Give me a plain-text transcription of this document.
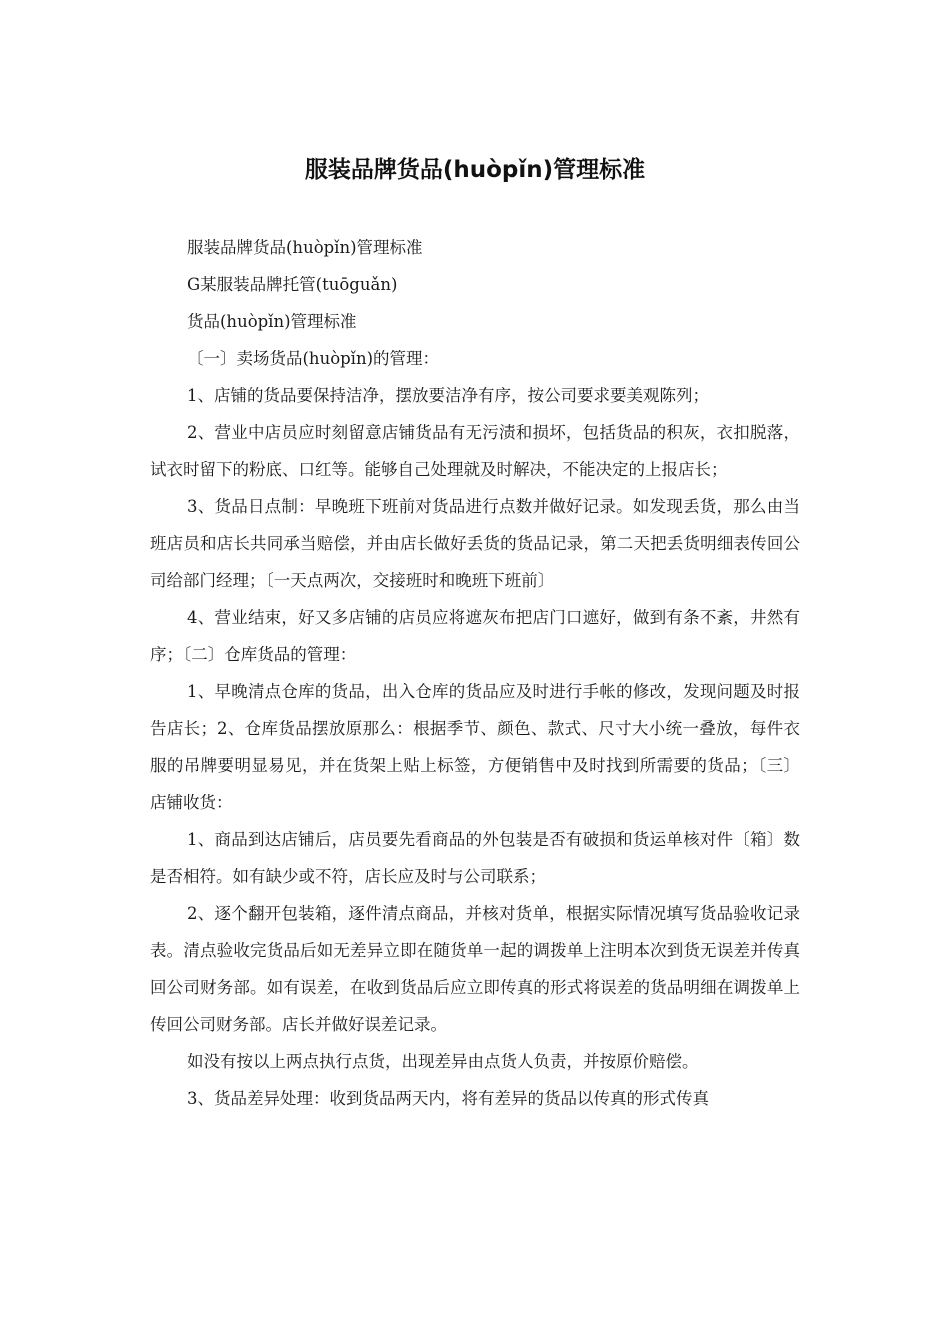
服装品牌货品(huòpǐn)管理标准

服装品牌货品(huòpǐn)管理标准

G某服装品牌托管(tuōguǎn)

货品(huòpǐn)管理标准

〔一〕卖场货品(huòpǐn)的管理：

1、店铺的货品要保持洁净，摆放要洁净有序，按公司要求要美观陈列；

2、营业中店员应时刻留意店铺货品有无污渍和损坏，包括货品的积灰，衣扣脱落，试衣时留下的粉底、口红等。能够自己处理就及时解决，不能决定的上报店长；

3、货品日点制：早晚班下班前对货品进行点数并做好记录。如发现丢货，那么由当班店员和店长共同承当赔偿，并由店长做好丢货的货品记录，第二天把丢货明细表传回公司给部门经理；〔一天点两次，交接班时和晚班下班前〕

4、营业结束，好又多店铺的店员应将遮灰布把店门口遮好，做到有条不紊，井然有序；〔二〕仓库货品的管理：

1、早晚清点仓库的货品，出入仓库的货品应及时进行手帐的修改，发现问题及时报告店长；2、仓库货品摆放原那么：根据季节、颜色、款式、尺寸大小统一叠放，每件衣服的吊牌要明显易见，并在货架上贴上标签，方便销售中及时找到所需要的货品；〔三〕店铺收货：

1、商品到达店铺后，店员要先看商品的外包装是否有破损和货运单核对件〔箱〕数是否相符。如有缺少或不符，店长应及时与公司联系；

2、逐个翻开包装箱，逐件清点商品，并核对货单，根据实际情况填写货品验收记录表。清点验收完货品后如无差异立即在随货单一起的调拨单上注明本次到货无误差并传真回公司财务部。如有误差，在收到货品后应立即传真的形式将误差的货品明细在调拨单上传回公司财务部。店长并做好误差记录。

如没有按以上两点执行点货，出现差异由点货人负责，并按原价赔偿。

3、货品差异处理：收到货品两天内，将有差异的货品以传真的形式传真
